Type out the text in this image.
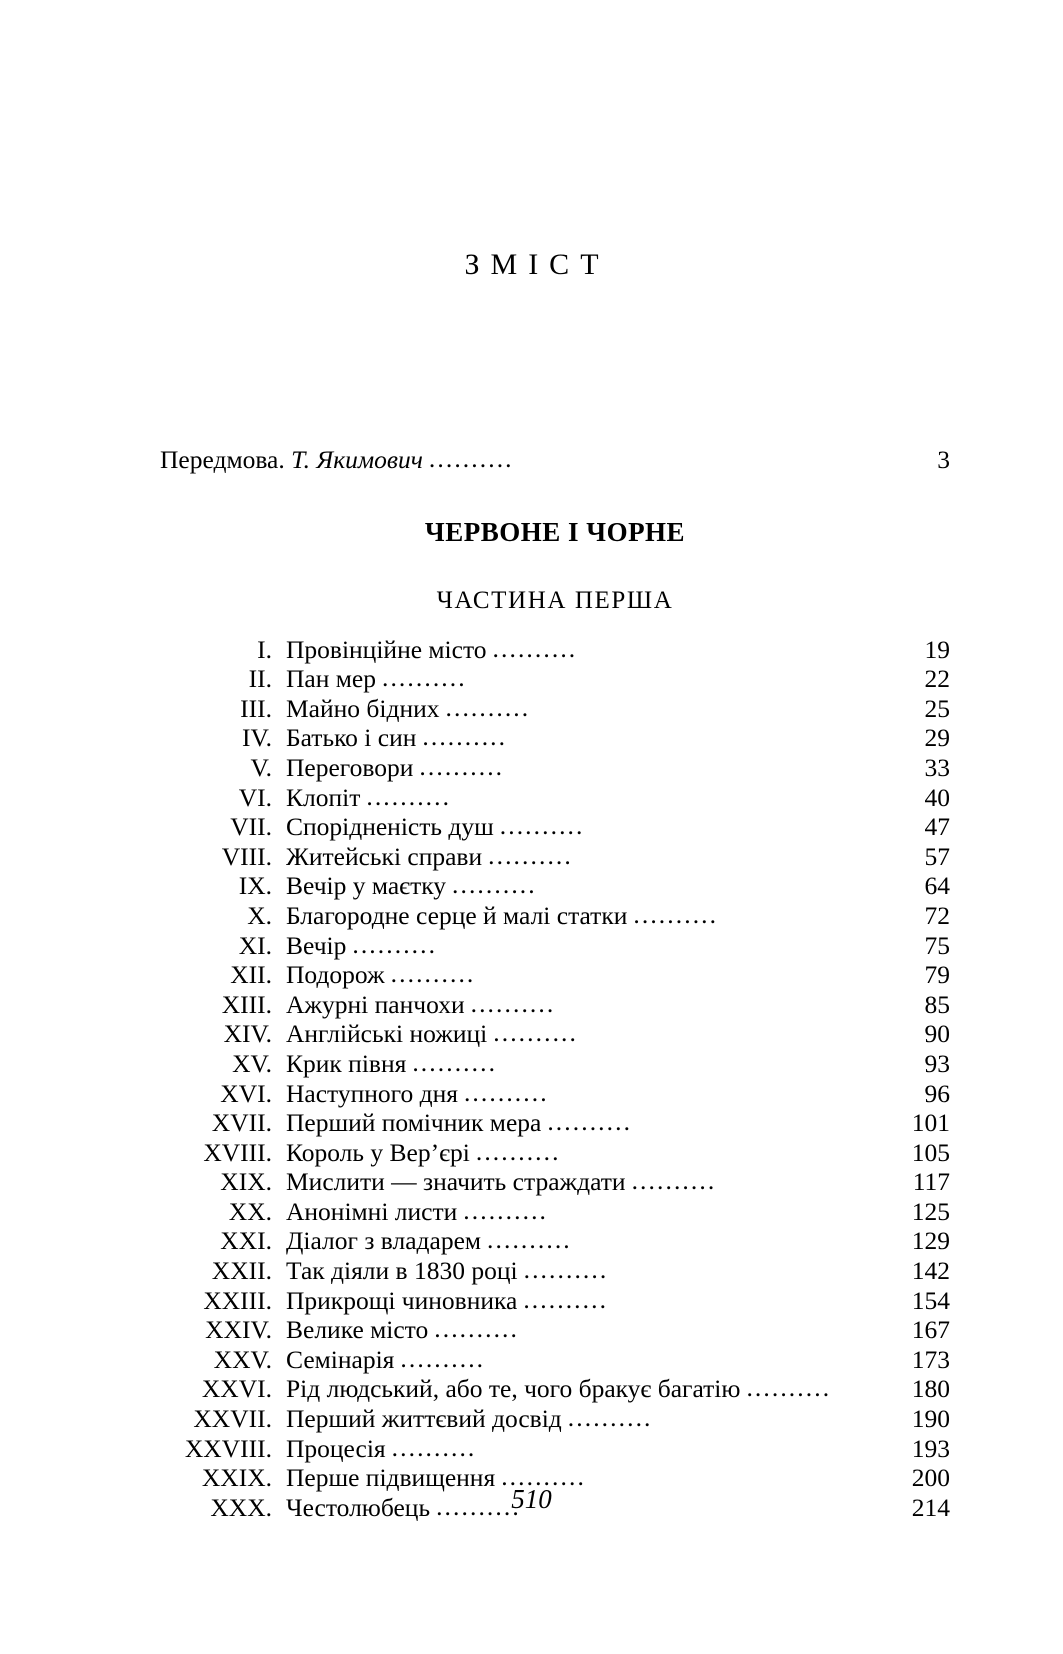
ЗМІСТ
Передмова. Т. Якимович ..........	3
ЧЕРВОНЕ І ЧОРНЕ
ЧАСТИНА ПЕРША
I. Провінційне місто ..........	19
II. Пан мер ..........	22
III. Майно бідних ..........	25
IV. Батько і син ..........	29
V. Переговори ..........	33
VI. Клопіт ..........	40
VII. Спорідненість душ ..........	47
VIII. Житейські справи ..........	57
IX. Вечір у маєтку ..........	64
X. Благородне серце й малі статки ..........	72
XI. Вечір ..........	75
XII. Подорож ..........	79
XIII. Ажурні панчохи ..........	85
XIV. Англійські ножиці ..........	90
XV. Крик півня ..........	93
XVI. Наступного дня ..........	96
XVII. Перший помічник мера ..........	101
XVIII. Король у Вер’єрі ..........	105
XIX. Мислити — значить страждати ..........	117
XX. Анонімні листи ..........	125
XXI. Діалог з владарем ..........	129
XXII. Так діяли в 1830 році ..........	142
XXIII. Прикрощі чиновника ..........	154
XXIV. Велике місто ..........	167
XXV. Семінарія ..........	173
XXVI. Рід людський, або те, чого бракує багатію ..........	180
XXVII. Перший життєвий досвід ..........	190
XXVIII. Процесія ..........	193
XXIX. Перше підвищення ..........	200
XXX. Честолюбець ..........	214
510
